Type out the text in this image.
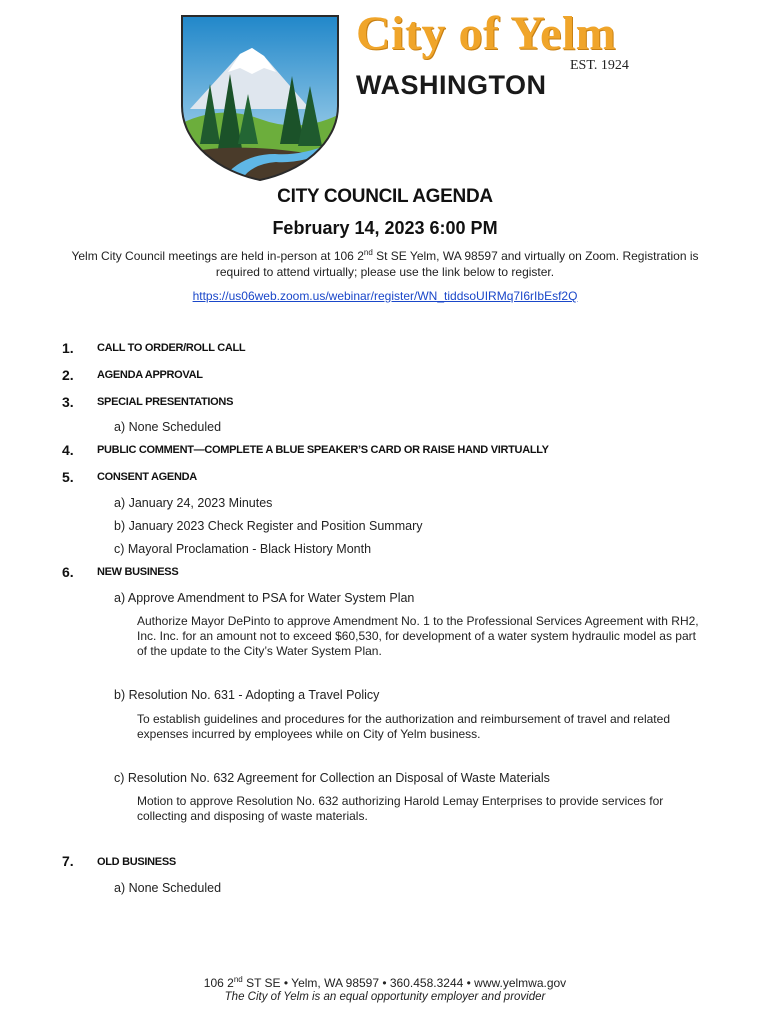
City of Yelm
EST. 1924
WASHINGTON
CITY COUNCIL AGENDA
February 14, 2023 6:00 PM
Yelm City Council meetings are held in-person at 106 2nd St SE Yelm, WA 98597 and virtually on Zoom. Registration is
required to attend virtually; please use the link below to register.
https://us06web.zoom.us/webinar/register/WN_tiddsoUIRMq7I6rIbEsf2Q
1. CALL TO ORDER/ROLL CALL
2. AGENDA APPROVAL
3. SPECIAL PRESENTATIONS
a) None Scheduled
4. PUBLIC COMMENT—COMPLETE A BLUE SPEAKER’S CARD OR RAISE HAND VIRTUALLY
5. CONSENT AGENDA
a) January 24, 2023 Minutes
b) January 2023 Check Register and Position Summary
c) Mayoral Proclamation - Black History Month
6. NEW BUSINESS
a) Approve Amendment to PSA for Water System Plan
Authorize Mayor DePinto to approve Amendment No. 1 to the Professional Services Agreement with RH2, Inc. Inc. for an amount not to exceed $60,530, for development of a water system hydraulic model as part of the update to the City’s Water System Plan.
b) Resolution No. 631 - Adopting a Travel Policy
To establish guidelines and procedures for the authorization and reimbursement of travel and related expenses incurred by employees while on City of Yelm business.
c) Resolution No. 632 Agreement for Collection an Disposal of Waste Materials
Motion to approve Resolution No. 632 authorizing Harold Lemay Enterprises to provide services for collecting and disposing of waste materials.
7. OLD BUSINESS
a) None Scheduled
106 2nd ST SE • Yelm, WA 98597 • 360.458.3244 • www.yelmwa.gov
The City of Yelm is an equal opportunity employer and provider
